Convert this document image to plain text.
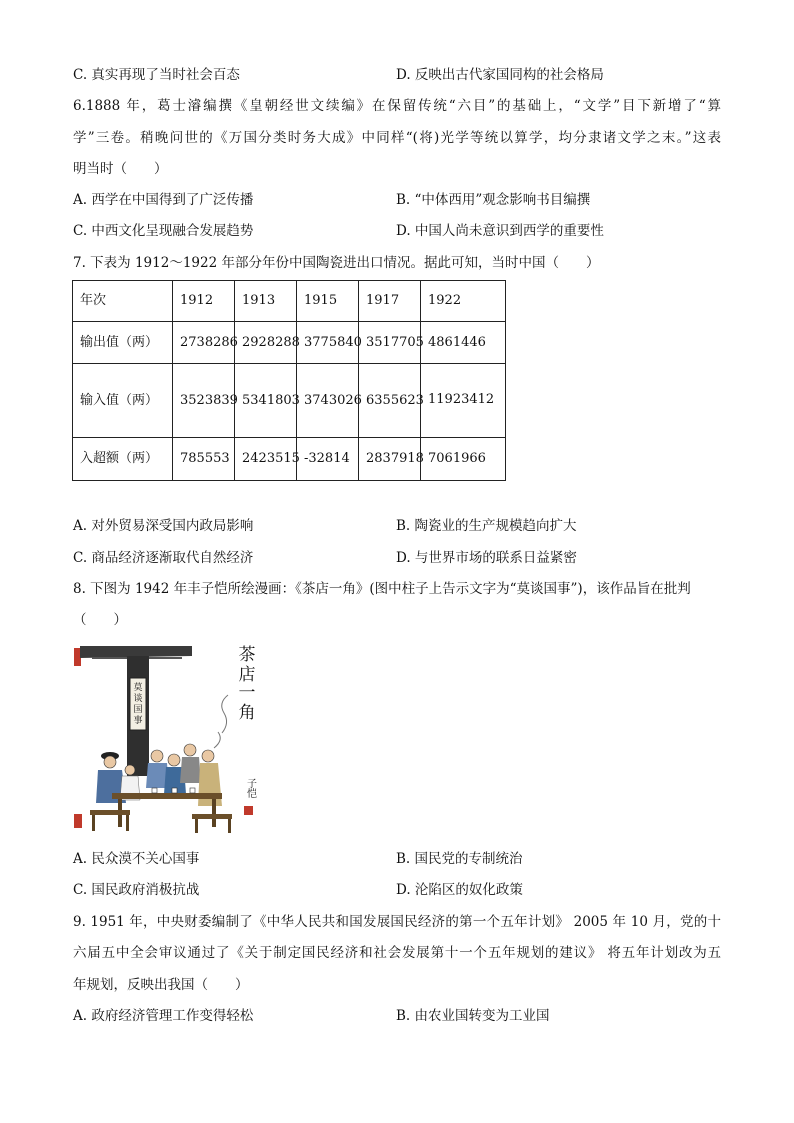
C. 真实再现了当时社会百态	D. 反映出古代家国同构的社会格局
6.1888 年，葛士濬编撰《皇朝经世文续编》在保留传统“六目”的基础上，“文学”目下新增了“算
学”三卷。稍晚问世的《万国分类时务大成》中同样“(将)光学等统以算学，均分隶诸文学之末。”这表
明当时（　　）
A. 西学在中国得到了广泛传播	B. “中体西用”观念影响书目编撰
C. 中西文化呈现融合发展趋势	D. 中国人尚未意识到西学的重要性
7. 下表为 1912～1922 年部分年份中国陶瓷进出口情况。据此可知，当时中国（　　）
年次	1912	1913	1915	1917	1922
输出值（两）	2738286	2928288	3775840	3517705	4861446
输入值（两）	3523839	5341803	3743026	6355623	11923412
入超额（两）	785553	2423515	-32814	2837918	7061966
A. 对外贸易深受国内政局影响	B. 陶瓷业的生产规模趋向扩大
C. 商品经济逐渐取代自然经济	D. 与世界市场的联系日益紧密
8. 下图为 1942 年丰子恺所绘漫画：《茶店一角》(图中柱子上告示文字为“莫谈国事”)，该作品旨在批判
（　　）
莫
谈
国
事
茶
店
一
角
子恺
A. 民众漠不关心国事	B. 国民党的专制统治
C. 国民政府消极抗战	D. 沦陷区的奴化政策
9. 1951 年，中央财委编制了《中华人民共和国发展国民经济的第一个五年计划》 2005 年 10 月，党的十
六届五中全会审议通过了《关于制定国民经济和社会发展第十一个五年规划的建议》 将五年计划改为五
年规划，反映出我国（　　）
A. 政府经济管理工作变得轻松	B. 由农业国转变为工业国
